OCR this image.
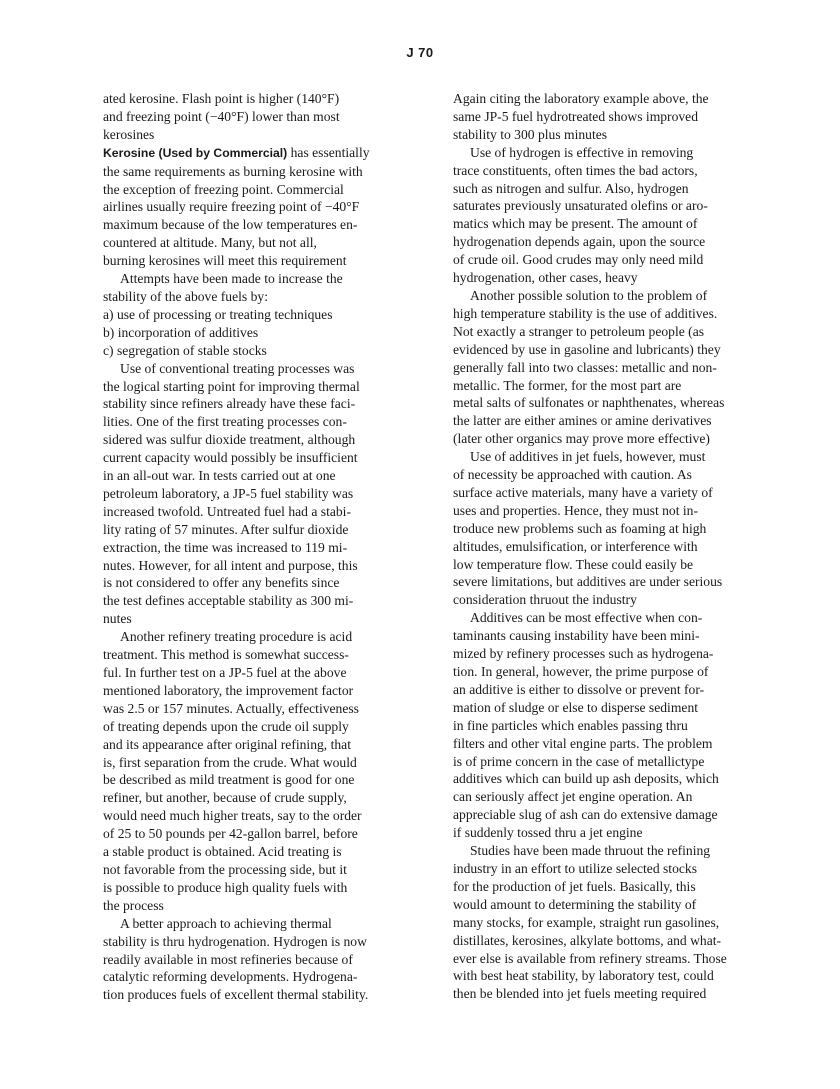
J 70
ated kerosine. Flash point is higher (140°F)
and freezing point (−40°F) lower than most
kerosines
Kerosine (Used by Commercial) has essentially
the same requirements as burning kerosine with
the exception of freezing point. Commercial
airlines usually require freezing point of −40°F
maximum because of the low temperatures en-
countered at altitude. Many, but not all,
burning kerosines will meet this requirement
Attempts have been made to increase the
stability of the above fuels by:
a) use of processing or treating techniques
b) incorporation of additives
c) segregation of stable stocks
Use of conventional treating processes was
the logical starting point for improving thermal
stability since refiners already have these faci-
lities. One of the first treating processes con-
sidered was sulfur dioxide treatment, although
current capacity would possibly be insufficient
in an all-out war. In tests carried out at one
petroleum laboratory, a JP-5 fuel stability was
increased twofold. Untreated fuel had a stabi-
lity rating of 57 minutes. After sulfur dioxide
extraction, the time was increased to 119 mi-
nutes. However, for all intent and purpose, this
is not considered to offer any benefits since
the test defines acceptable stability as 300 mi-
nutes
Another refinery treating procedure is acid
treatment. This method is somewhat success-
ful. In further test on a JP-5 fuel at the above
mentioned laboratory, the improvement factor
was 2.5 or 157 minutes. Actually, effectiveness
of treating depends upon the crude oil supply
and its appearance after original refining, that
is, first separation from the crude. What would
be described as mild treatment is good for one
refiner, but another, because of crude supply,
would need much higher treats, say to the order
of 25 to 50 pounds per 42-gallon barrel, before
a stable product is obtained. Acid treating is
not favorable from the processing side, but it
is possible to produce high quality fuels with
the process
A better approach to achieving thermal
stability is thru hydrogenation. Hydrogen is now
readily available in most refineries because of
catalytic reforming developments. Hydrogena-
tion produces fuels of excellent thermal stability.
Again citing the laboratory example above, the
same JP-5 fuel hydrotreated shows improved
stability to 300 plus minutes
Use of hydrogen is effective in removing
trace constituents, often times the bad actors,
such as nitrogen and sulfur. Also, hydrogen
saturates previously unsaturated olefins or aro-
matics which may be present. The amount of
hydrogenation depends again, upon the source
of crude oil. Good crudes may only need mild
hydrogenation, other cases, heavy
Another possible solution to the problem of
high temperature stability is the use of additives.
Not exactly a stranger to petroleum people (as
evidenced by use in gasoline and lubricants) they
generally fall into two classes: metallic and non-
metallic. The former, for the most part are
metal salts of sulfonates or naphthenates, whereas
the latter are either amines or amine derivatives
(later other organics may prove more effective)
Use of additives in jet fuels, however, must
of necessity be approached with caution. As
surface active materials, many have a variety of
uses and properties. Hence, they must not in-
troduce new problems such as foaming at high
altitudes, emulsification, or interference with
low temperature flow. These could easily be
severe limitations, but additives are under serious
consideration thruout the industry
Additives can be most effective when con-
taminants causing instability have been mini-
mized by refinery processes such as hydrogena-
tion. In general, however, the prime purpose of
an additive is either to dissolve or prevent for-
mation of sludge or else to disperse sediment
in fine particles which enables passing thru
filters and other vital engine parts. The problem
is of prime concern in the case of metallictype
additives which can build up ash deposits, which
can seriously affect jet engine operation. An
appreciable slug of ash can do extensive damage
if suddenly tossed thru a jet engine
Studies have been made thruout the refining
industry in an effort to utilize selected stocks
for the production of jet fuels. Basically, this
would amount to determining the stability of
many stocks, for example, straight run gasolines,
distillates, kerosines, alkylate bottoms, and what-
ever else is available from refinery streams. Those
with best heat stability, by laboratory test, could
then be blended into jet fuels meeting required
